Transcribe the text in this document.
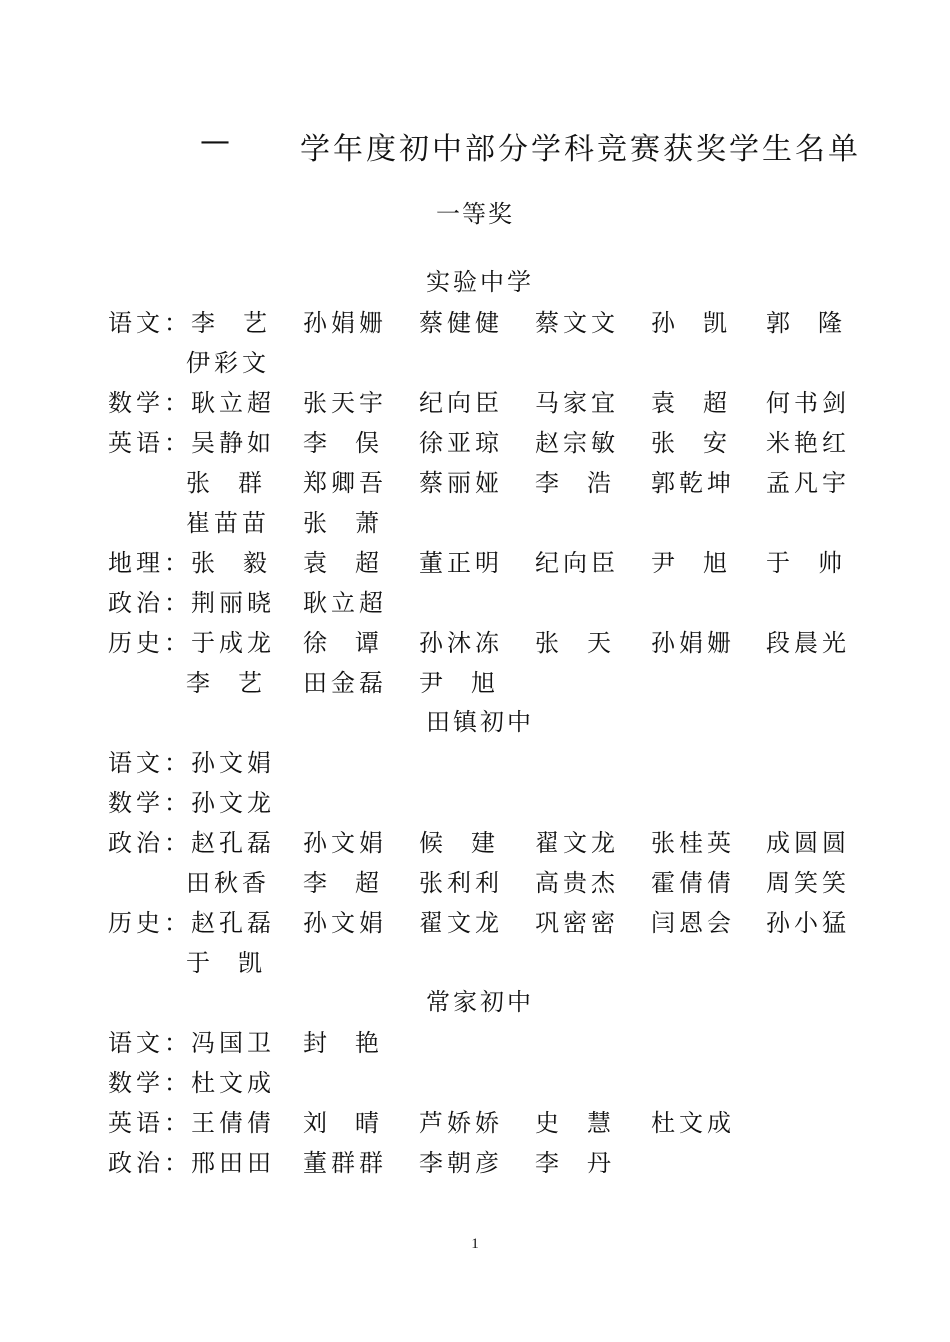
— 学年度初中部分学科竞赛获奖学生名单
一等奖
实验中学
语文： 李艺 孙娟姗 蔡健健 蔡文文 孙凯 郭隆
伊彩文
数学： 耿立超 张天宇 纪向臣 马家宜 袁超 何书剑
英语： 吴静如 李俣 徐亚琼 赵宗敏 张安 米艳红
张群 郑卿吾 蔡丽娅 李浩 郭乾坤 孟凡宇
崔苗苗 张萧
地理： 张毅 袁超 董正明 纪向臣 尹旭 于帅
政治： 荆丽晓 耿立超
历史： 于成龙 徐谭 孙沐冻 张天 孙娟姗 段晨光
李艺 田金磊 尹旭
田镇初中
语文： 孙文娟
数学： 孙文龙
政治： 赵孔磊 孙文娟 候建 翟文龙 张桂英 成圆圆
田秋香 李超 张利利 高贵杰 霍倩倩 周笑笑
历史： 赵孔磊 孙文娟 翟文龙 巩密密 闫恩会 孙小猛
于凯
常家初中
语文： 冯国卫 封艳
数学： 杜文成
英语： 王倩倩 刘晴 芦娇娇 史慧 杜文成
政治： 邢田田 董群群 李朝彦 李丹
1
